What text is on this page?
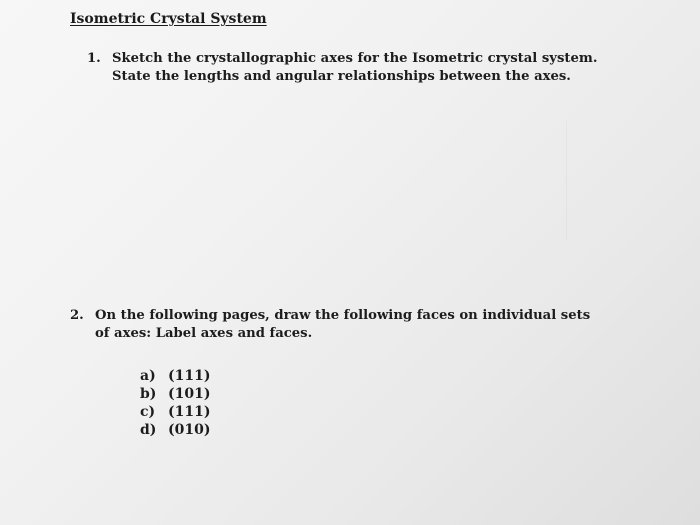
Isometric Crystal System
1. Sketch the crystallographic axes for the Isometric crystal system. State the lengths and angular relationships between the axes.
2. On the following pages, draw the following faces on individual sets of axes: Label axes and faces.
a) (111)
b) (101)
c) (111)
d) (010)
